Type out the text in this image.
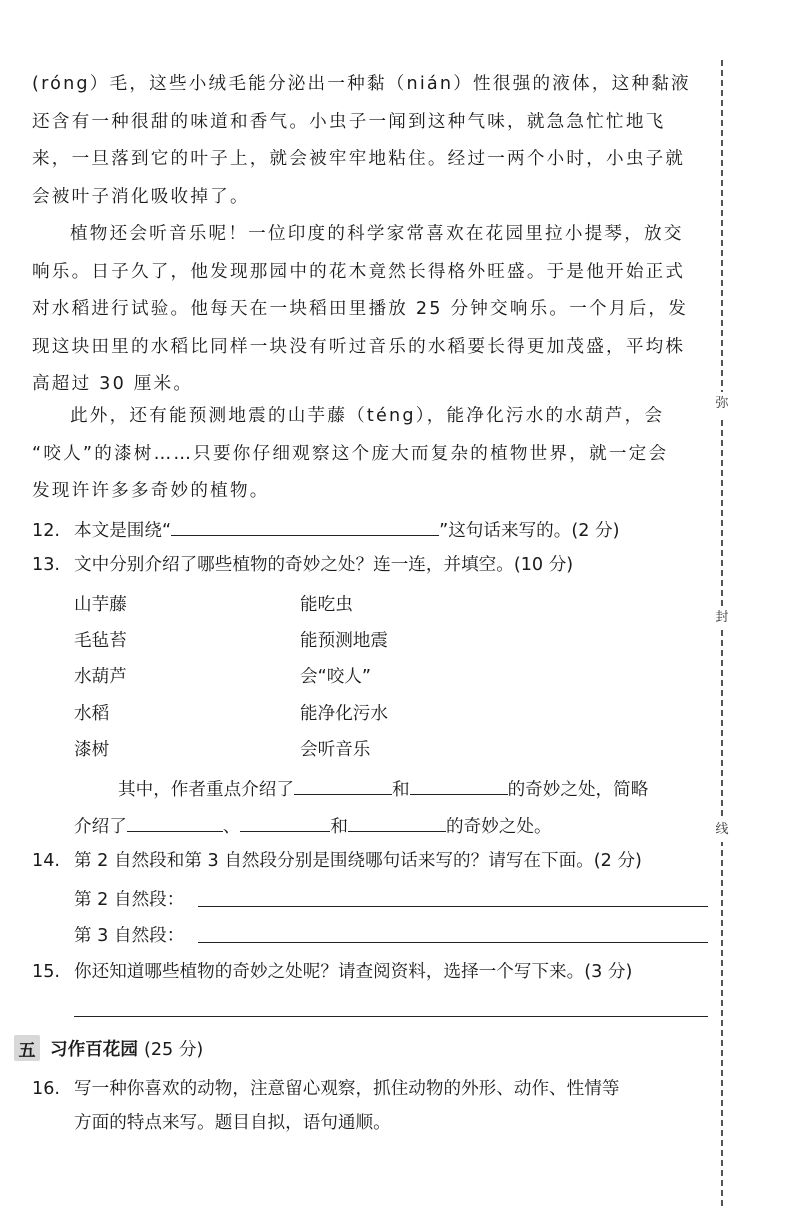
弥
封
线
(róng）毛，这些小绒毛能分泌出一种黏（nián）性很强的液体，这种黏液
还含有一种很甜的味道和香气。小虫子一闻到这种气味，就急急忙忙地飞
来，一旦落到它的叶子上，就会被牢牢地粘住。经过一两个小时，小虫子就
会被叶子消化吸收掉了。
植物还会听音乐呢！一位印度的科学家常喜欢在花园里拉小提琴，放交
响乐。日子久了，他发现那园中的花木竟然长得格外旺盛。于是他开始正式
对水稻进行试验。他每天在一块稻田里播放 25 分钟交响乐。一个月后，发
现这块田里的水稻比同样一块没有听过音乐的水稻要长得更加茂盛，平均株
高超过 30 厘米。
此外，还有能预测地震的山芋藤（téng），能净化污水的水葫芦，会
“咬人”的漆树……只要你仔细观察这个庞大而复杂的植物世界，就一定会
发现许许多多奇妙的植物。
12. 本文是围绕“	”这句话来写的。(2 分)
13. 文中分别介绍了哪些植物的奇妙之处？连一连，并填空。(10 分)
山芋藤	能吃虫
毛毡苔	能预测地震
水葫芦	会“咬人”
水稻	能净化污水
漆树	会听音乐
其中，作者重点介绍了	和	的奇妙之处，简略
介绍了	、	和	的奇妙之处。
14. 第 2 自然段和第 3 自然段分别是围绕哪句话来写的？请写在下面。(2 分)
第 2 自然段：
第 3 自然段：
15. 你还知道哪些植物的奇妙之处呢？请查阅资料，选择一个写下来。(3 分)
五 习作百花园 (25 分)
16. 写一种你喜欢的动物，注意留心观察，抓住动物的外形、动作、性情等
方面的特点来写。题目自拟，语句通顺。
